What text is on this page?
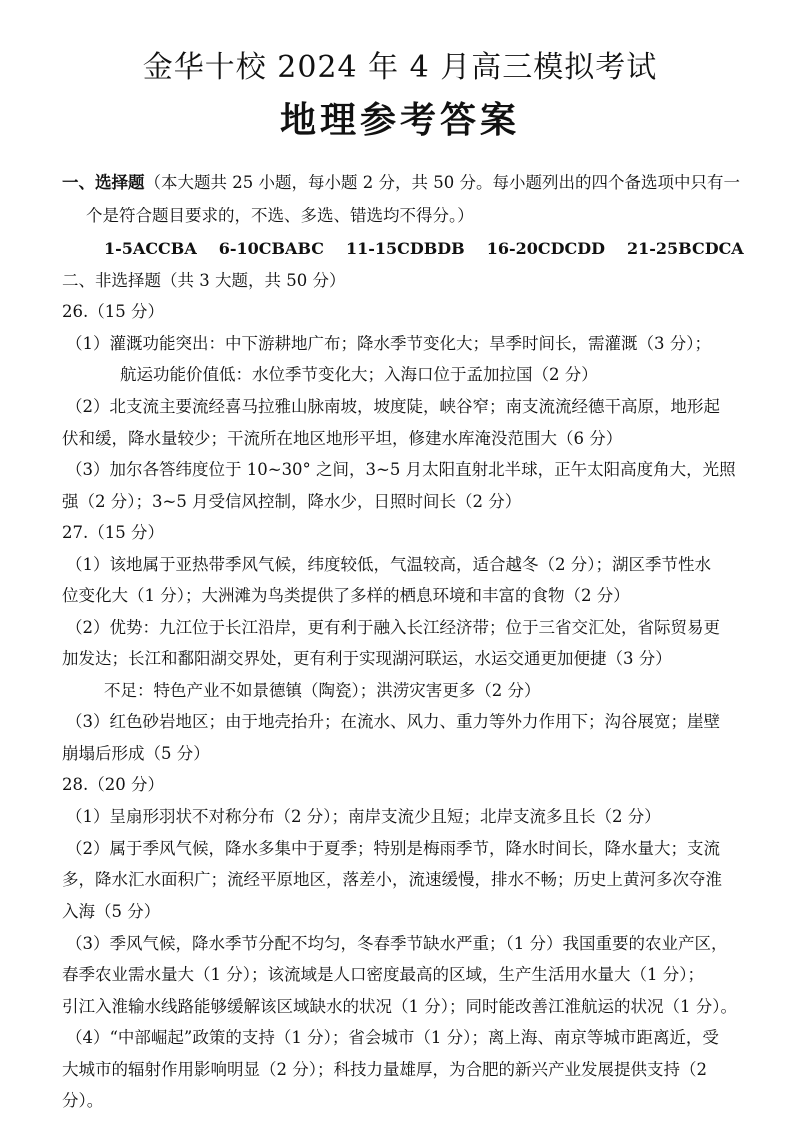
金华十校 2024 年 4 月高三模拟考试
地理参考答案
一、选择题（本大题共 25 小题，每小题 2 分，共 50 分。每小题列出的四个备选项中只有一
个是符合题目要求的，不选、多选、错选均不得分。）
1-5ACCBA 6-10CBABC 11-15CDBDB 16-20CDCDD 21-25BCDCA
二、非选择题（共 3 大题，共 50 分）
26.（15 分）
（1）灌溉功能突出：中下游耕地广布；降水季节变化大；旱季时间长，需灌溉（3 分）；
航运功能价值低：水位季节变化大；入海口位于孟加拉国（2 分）
（2）北支流主要流经喜马拉雅山脉南坡，坡度陡，峡谷窄；南支流流经德干高原，地形起
伏和缓，降水量较少；干流所在地区地形平坦，修建水库淹没范围大（6 分）
（3）加尔各答纬度位于 10~30° 之间，3~5 月太阳直射北半球，正午太阳高度角大，光照
强（2 分）；3~5 月受信风控制，降水少，日照时间长（2 分）
27.（15 分）
（1）该地属于亚热带季风气候，纬度较低，气温较高，适合越冬（2 分）；湖区季节性水
位变化大（1 分）；大洲滩为鸟类提供了多样的栖息环境和丰富的食物（2 分）
（2）优势：九江位于长江沿岸，更有利于融入长江经济带；位于三省交汇处，省际贸易更
加发达；长江和鄱阳湖交界处，更有利于实现湖河联运，水运交通更加便捷（3 分）
不足：特色产业不如景德镇（陶瓷）；洪涝灾害更多（2 分）
（3）红色砂岩地区；由于地壳抬升；在流水、风力、重力等外力作用下；沟谷展宽；崖壁
崩塌后形成（5 分）
28.（20 分）
（1）呈扇形羽状不对称分布（2 分）；南岸支流少且短；北岸支流多且长（2 分）
（2）属于季风气候，降水多集中于夏季；特别是梅雨季节，降水时间长，降水量大；支流
多，降水汇水面积广；流经平原地区，落差小，流速缓慢，排水不畅；历史上黄河多次夺淮
入海（5 分）
（3）季风气候，降水季节分配不均匀，冬春季节缺水严重；（1 分）我国重要的农业产区，
春季农业需水量大（1 分）；该流域是人口密度最高的区域，生产生活用水量大（1 分）；
引江入淮输水线路能够缓解该区域缺水的状况（1 分）；同时能改善江淮航运的状况（1 分）。
（4）“中部崛起”政策的支持（1 分）；省会城市（1 分）；离上海、南京等城市距离近，受
大城市的辐射作用影响明显（2 分）；科技力量雄厚，为合肥的新兴产业发展提供支持（2
分）。
